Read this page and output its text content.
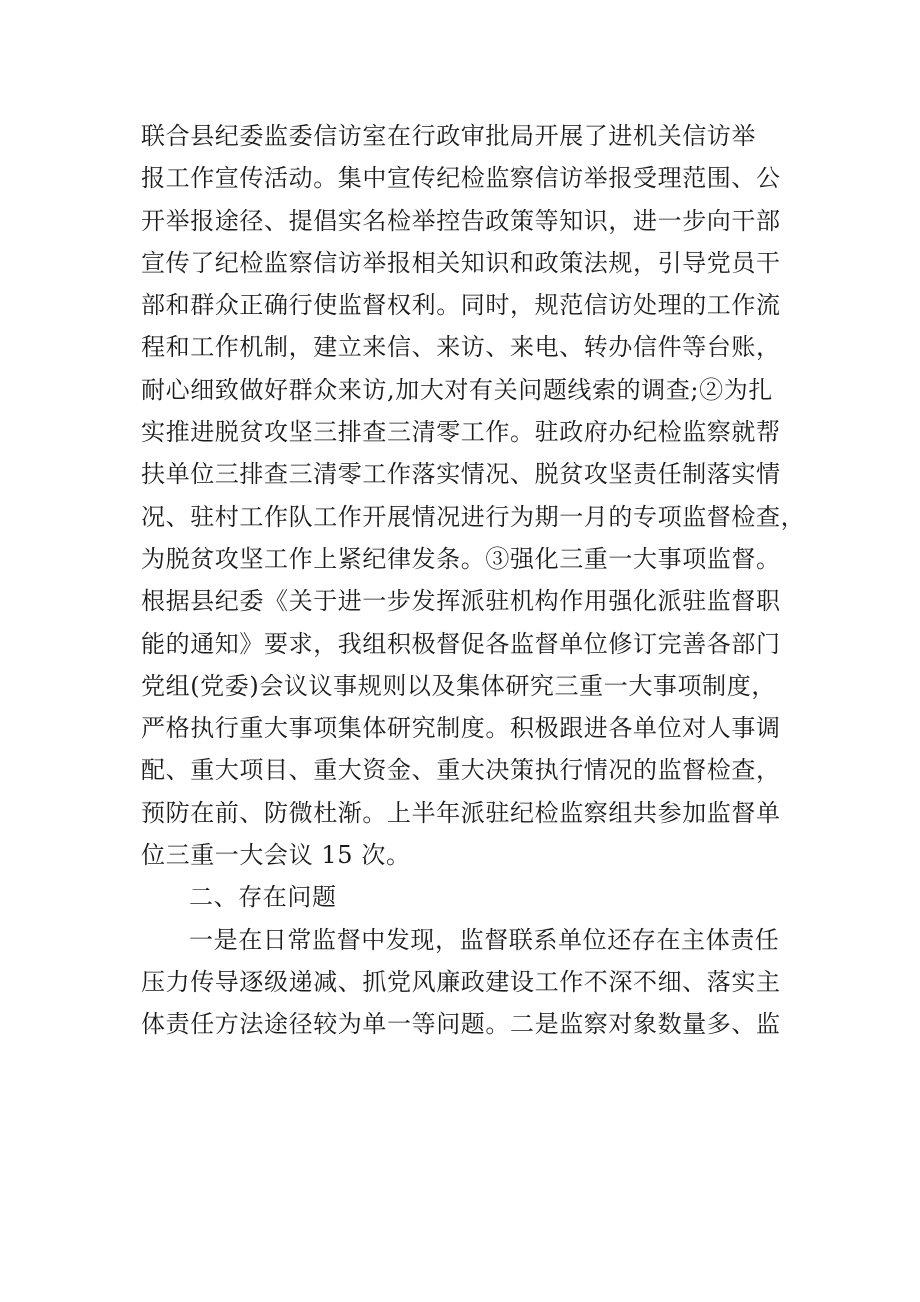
联合县纪委监委信访室在行政审批局开展了进机关信访举
报工作宣传活动。集中宣传纪检监察信访举报受理范围、公
开举报途径、提倡实名检举控告政策等知识，进一步向干部
宣传了纪检监察信访举报相关知识和政策法规，引导党员干
部和群众正确行使监督权利。同时，规范信访处理的工作流
程和工作机制，建立来信、来访、来电、转办信件等台账，
耐心细致做好群众来访,加大对有关问题线索的调查;②为扎
实推进脱贫攻坚三排查三清零工作。驻政府办纪检监察就帮
扶单位三排查三清零工作落实情况、脱贫攻坚责任制落实情
况、驻村工作队工作开展情况进行为期一月的专项监督检查，
为脱贫攻坚工作上紧纪律发条。③强化三重一大事项监督。
根据县纪委《关于进一步发挥派驻机构作用强化派驻监督职
能的通知》要求，我组积极督促各监督单位修订完善各部门
党组(党委)会议议事规则以及集体研究三重一大事项制度，
严格执行重大事项集体研究制度。积极跟进各单位对人事调
配、重大项目、重大资金、重大决策执行情况的监督检查，
预防在前、防微杜渐。上半年派驻纪检监察组共参加监督单
位三重一大会议 15 次。
二、存在问题
一是在日常监督中发现，监督联系单位还存在主体责任
压力传导逐级递减、抓党风廉政建设工作不深不细、落实主
体责任方法途径较为单一等问题。二是监察对象数量多、监
